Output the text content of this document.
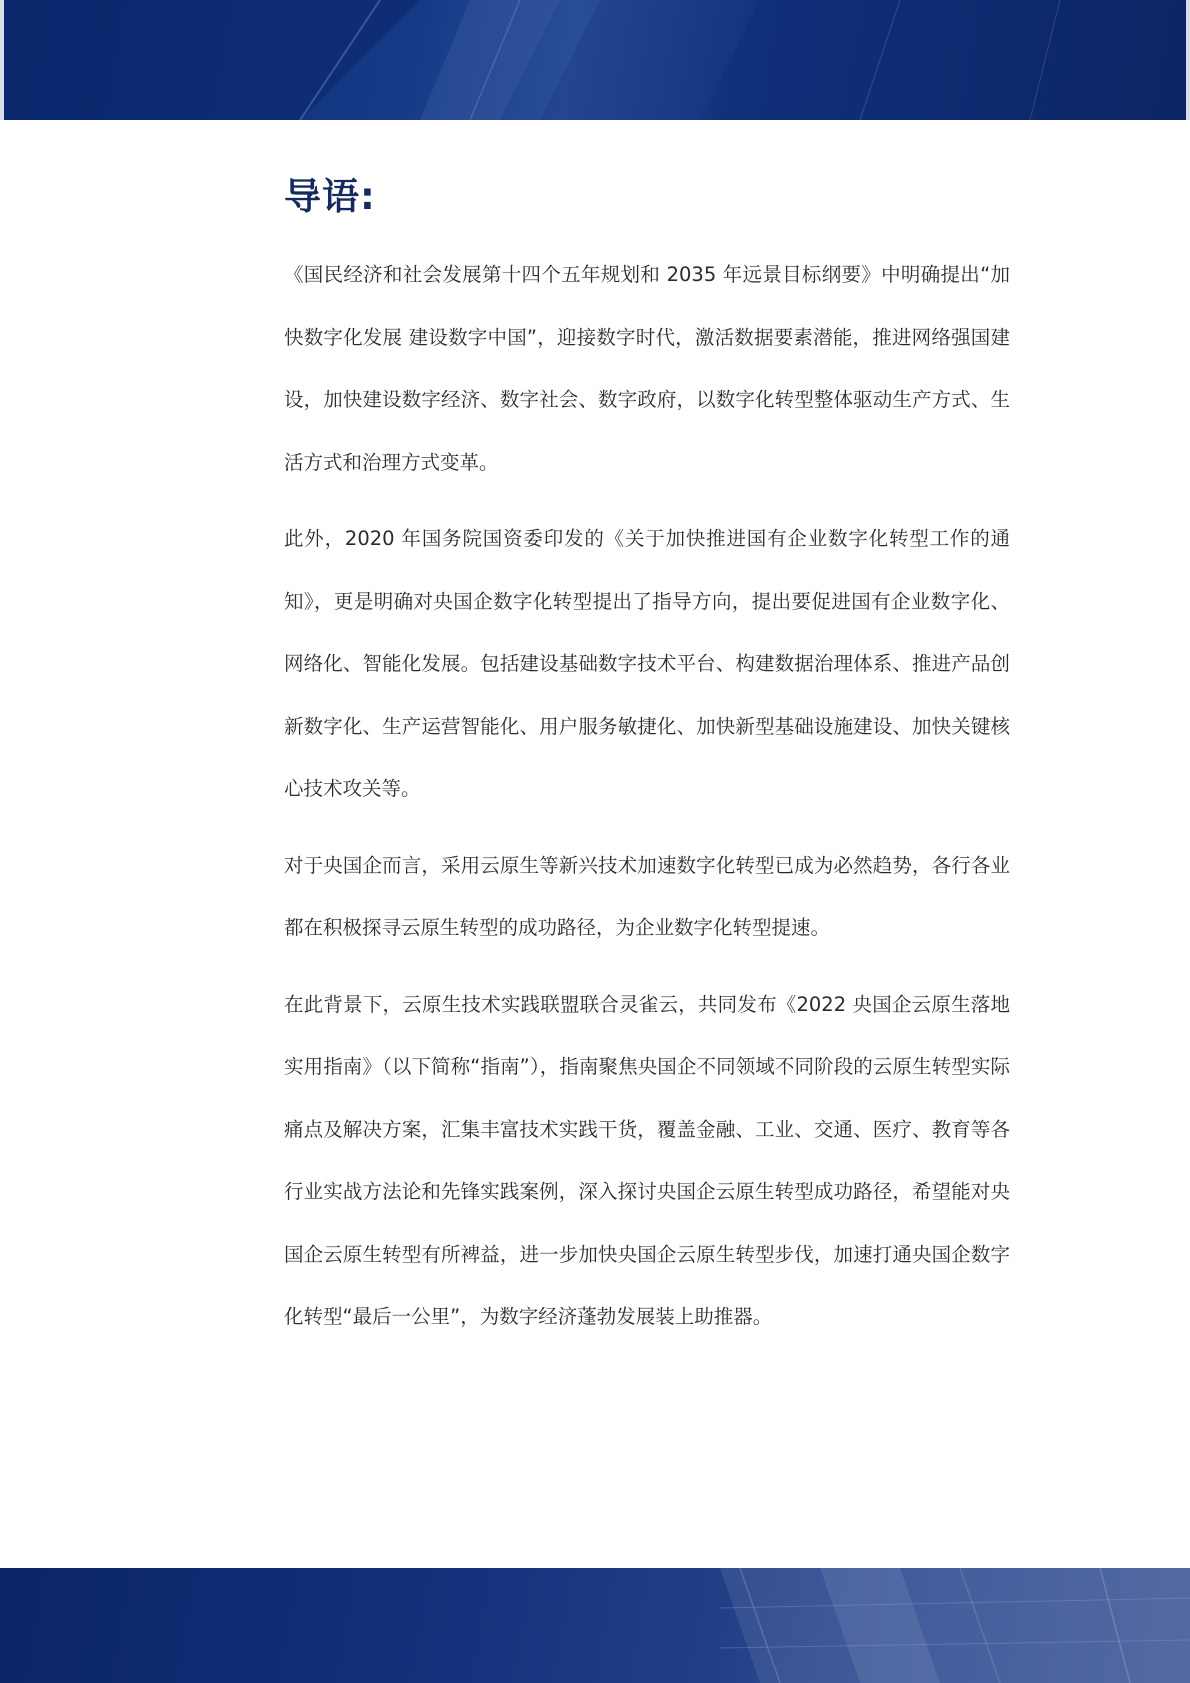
导语:

《国民经济和社会发展第十四个五年规划和 2035 年远景目标纲要》中明确提出“加快数字化发展 建设数字中国”，迎接数字时代，激活数据要素潜能，推进网络强国建设，加快建设数字经济、数字社会、数字政府，以数字化转型整体驱动生产方式、生活方式和治理方式变革。

此外，2020 年国务院国资委印发的《关于加快推进国有企业数字化转型工作的通知》，更是明确对央国企数字化转型提出了指导方向，提出要促进国有企业数字化、网络化、智能化发展。包括建设基础数字技术平台、构建数据治理体系、推进产品创新数字化、生产运营智能化、用户服务敏捷化、加快新型基础设施建设、加快关键核心技术攻关等。

对于央国企而言，采用云原生等新兴技术加速数字化转型已成为必然趋势，各行各业都在积极探寻云原生转型的成功路径，为企业数字化转型提速。

在此背景下，云原生技术实践联盟联合灵雀云，共同发布《2022 央国企云原生落地实用指南》（以下简称“指南”），指南聚焦央国企不同领域不同阶段的云原生转型实际痛点及解决方案，汇集丰富技术实践干货，覆盖金融、工业、交通、医疗、教育等各行业实战方法论和先锋实践案例，深入探讨央国企云原生转型成功路径，希望能对央国企云原生转型有所裨益，进一步加快央国企云原生转型步伐，加速打通央国企数字化转型“最后一公里”，为数字经济蓬勃发展装上助推器。
